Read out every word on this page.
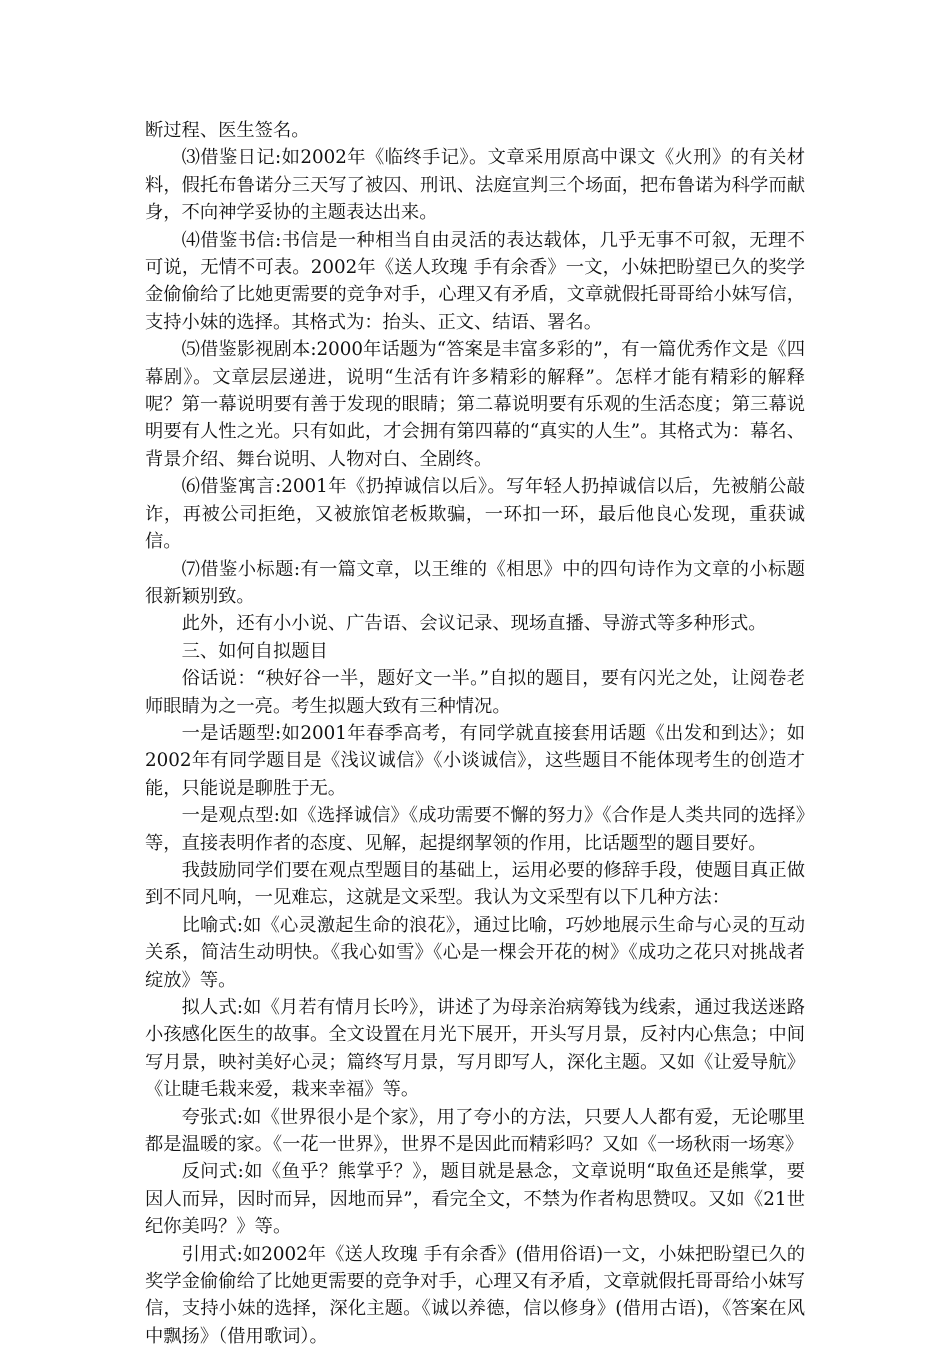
断过程、医生签名。

⑶借鉴日记:如2002年《临终手记》。文章采用原高中课文《火刑》的有关材料，假托布鲁诺分三天写了被囚、刑讯、法庭宣判三个场面，把布鲁诺为科学而献身，不向神学妥协的主题表达出来。

⑷借鉴书信:书信是一种相当自由灵活的表达载体，几乎无事不可叙，无理不可说，无情不可表。2002年《送人玫瑰 手有余香》一文，小妹把盼望已久的奖学金偷偷给了比她更需要的竞争对手，心理又有矛盾，文章就假托哥哥给小妹写信，支持小妹的选择。其格式为：抬头、正文、结语、署名。

⑸借鉴影视剧本:2000年话题为“答案是丰富多彩的”，有一篇优秀作文是《四幕剧》。文章层层递进，说明“生活有许多精彩的解释”。怎样才能有精彩的解释呢？第一幕说明要有善于发现的眼睛；第二幕说明要有乐观的生活态度；第三幕说明要有人性之光。只有如此，才会拥有第四幕的“真实的人生”。其格式为：幕名、背景介绍、舞台说明、人物对白、全剧终。

⑹借鉴寓言:2001年《扔掉诚信以后》。写年轻人扔掉诚信以后，先被艄公敲诈，再被公司拒绝，又被旅馆老板欺骗，一环扣一环，最后他良心发现，重获诚信。

⑺借鉴小标题:有一篇文章，以王维的《相思》中的四句诗作为文章的小标题很新颖别致。

此外，还有小小说、广告语、会议记录、现场直播、导游式等多种形式。

三、如何自拟题目

俗话说：“秧好谷一半，题好文一半。”自拟的题目，要有闪光之处，让阅卷老师眼睛为之一亮。考生拟题大致有三种情况。

一是话题型:如2001年春季高考，有同学就直接套用话题《出发和到达》；如2002年有同学题目是《浅议诚信》《小谈诚信》，这些题目不能体现考生的创造才能，只能说是聊胜于无。

一是观点型:如《选择诚信》《成功需要不懈的努力》《合作是人类共同的选择》等，直接表明作者的态度、见解，起提纲挈领的作用，比话题型的题目要好。

我鼓励同学们要在观点型题目的基础上，运用必要的修辞手段，使题目真正做到不同凡响，一见难忘，这就是文采型。我认为文采型有以下几种方法：

比喻式:如《心灵激起生命的浪花》，通过比喻，巧妙地展示生命与心灵的互动关系，简洁生动明快。《我心如雪》《心是一棵会开花的树》《成功之花只对挑战者绽放》等。

拟人式:如《月若有情月长吟》，讲述了为母亲治病筹钱为线索，通过我送迷路小孩感化医生的故事。全文设置在月光下展开，开头写月景，反衬内心焦急；中间写月景，映衬美好心灵；篇终写月景，写月即写人，深化主题。又如《让爱导航》《让睫毛栽来爱，栽来幸福》等。

夸张式:如《世界很小是个家》，用了夸小的方法，只要人人都有爱，无论哪里都是温暖的家。《一花一世界》，世界不是因此而精彩吗？又如《一场秋雨一场寒》

反问式:如《鱼乎？熊掌乎？》，题目就是悬念，文章说明“取鱼还是熊掌，要因人而异，因时而异，因地而异”，看完全文，不禁为作者构思赞叹。又如《21世纪你美吗？》等。

引用式:如2002年《送人玫瑰 手有余香》(借用俗语)一文，小妹把盼望已久的奖学金偷偷给了比她更需要的竞争对手，心理又有矛盾，文章就假托哥哥给小妹写信，支持小妹的选择，深化主题。《诚以养德，信以修身》(借用古语)，《答案在风中飘扬》（借用歌词）。
